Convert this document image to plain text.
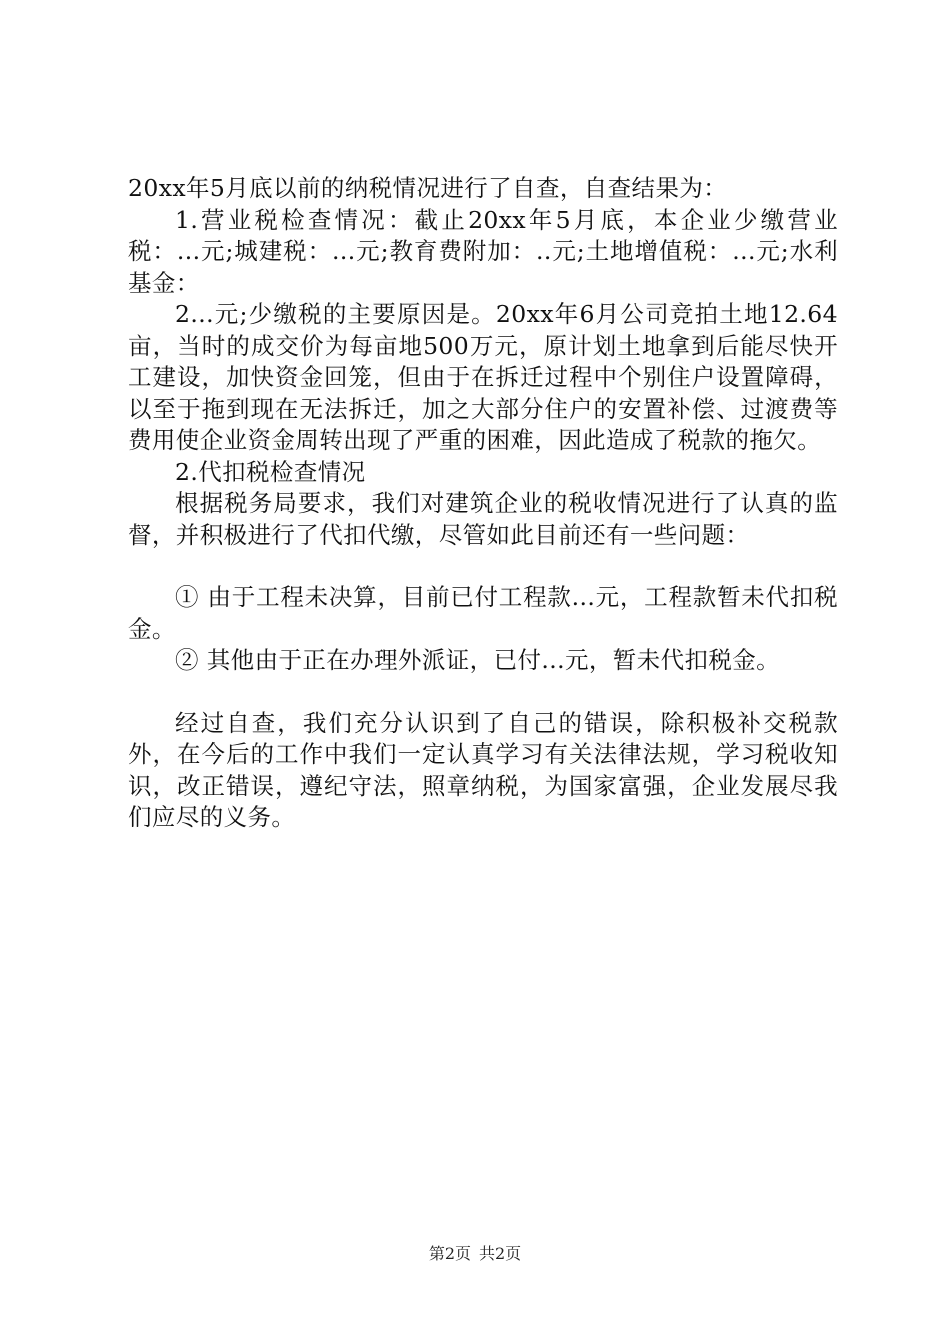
20xx年5月底以前的纳税情况进行了自查，自查结果为：

1.营业税检查情况：截止20xx年5月底，本企业少缴营业税：...元;城建税：...元;教育费附加：..元;土地增值税：...元;水利基金：

2...元;少缴税的主要原因是。20xx年6月公司竞拍土地12.64亩，当时的成交价为每亩地500万元，原计划土地拿到后能尽快开工建设，加快资金回笼，但由于在拆迁过程中个别住户设置障碍，以至于拖到现在无法拆迁，加之大部分住户的安置补偿、过渡费等费用使企业资金周转出现了严重的困难，因此造成了税款的拖欠。

2.代扣税检查情况

根据税务局要求，我们对建筑企业的税收情况进行了认真的监督，并积极进行了代扣代缴，尽管如此目前还有一些问题：

① 由于工程未决算，目前已付工程款...元，工程款暂未代扣税金。

② 其他由于正在办理外派证，已付...元，暂未代扣税金。

经过自查，我们充分认识到了自己的错误，除积极补交税款外，在今后的工作中我们一定认真学习有关法律法规，学习税收知识，改正错误，遵纪守法，照章纳税，为国家富强，企业发展尽我们应尽的义务。

第2页 共2页
